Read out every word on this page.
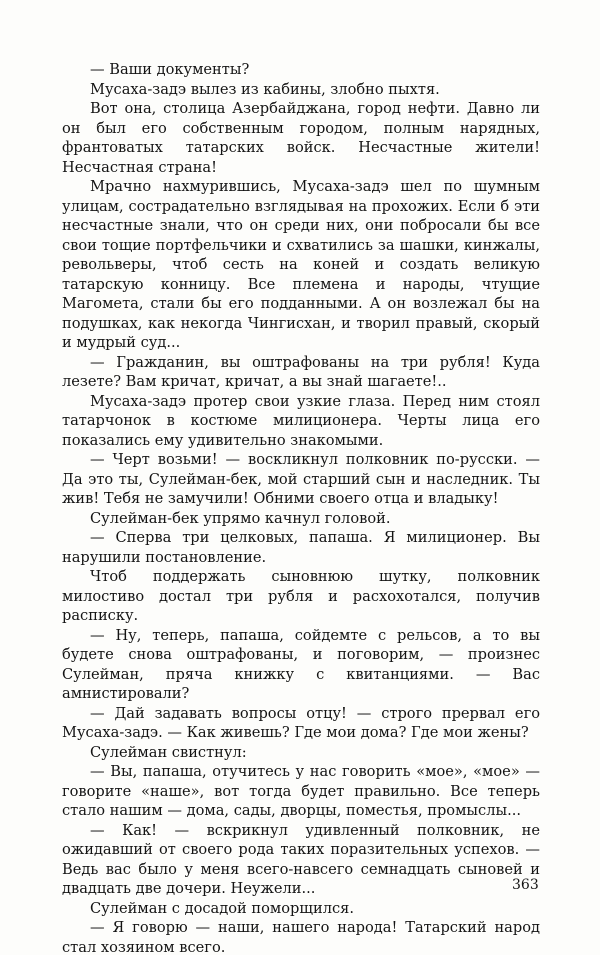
— Ваши документы?

Мусаха-задэ вылез из кабины, злобно пыхтя.

Вот она, столица Азербайджана, город нефти. Давно ли он был его собственным городом, полным нарядных, франтоватых татарских войск. Несчастные жители! Несчастная страна!

Мрачно нахмурившись, Мусаха-задэ шел по шумным улицам, сострадательно взглядывая на прохожих. Если б эти несчастные знали, что он среди них, они побросали бы все свои тощие портфельчики и схватились за шашки, кинжалы, револьверы, чтоб сесть на коней и создать великую татарскую конницу. Все племена и народы, чтущие Магомета, стали бы его подданными. А он возлежал бы на подушках, как некогда Чингисхан, и творил правый, скорый и мудрый суд...

— Гражданин, вы оштрафованы на три рубля! Куда лезете? Вам кричат, кричат, а вы знай шагаете!..

Мусаха-задэ протер свои узкие глаза. Перед ним стоял татарчонок в костюме милиционера. Черты лица его показались ему удивительно знакомыми.

— Черт возьми! — воскликнул полковник по-русски. — Да это ты, Сулейман-бек, мой старший сын и наследник. Ты жив! Тебя не замучили! Обними своего отца и владыку!

Сулейман-бек упрямо качнул головой.

— Сперва три целковых, папаша. Я милиционер. Вы нарушили постановление.

Чтоб поддержать сыновнюю шутку, полковник милостиво достал три рубля и расхохотался, получив расписку.

— Ну, теперь, папаша, сойдемте с рельсов, а то вы будете снова оштрафованы, и поговорим, — произнес Сулейман, пряча книжку с квитанциями. — Вас амнистировали?

— Дай задавать вопросы отцу! — строго прервал его Мусаха-задэ. — Как живешь? Где мои дома? Где мои жены?

Сулейман свистнул:

— Вы, папаша, отучитесь у нас говорить «мое», «мое» — говорите «наше», вот тогда будет правильно. Все теперь стало нашим — дома, сады, дворцы, поместья, промыслы...

— Как! — вскрикнул удивленный полковник, не ожидавший от своего рода таких поразительных успехов. — Ведь вас было у меня всего-навсего семнадцать сыновей и двадцать две дочери. Неужели...

Сулейман с досадой поморщился.

— Я говорю — наши, нашего народа! Татарский народ стал хозяином всего.

363
